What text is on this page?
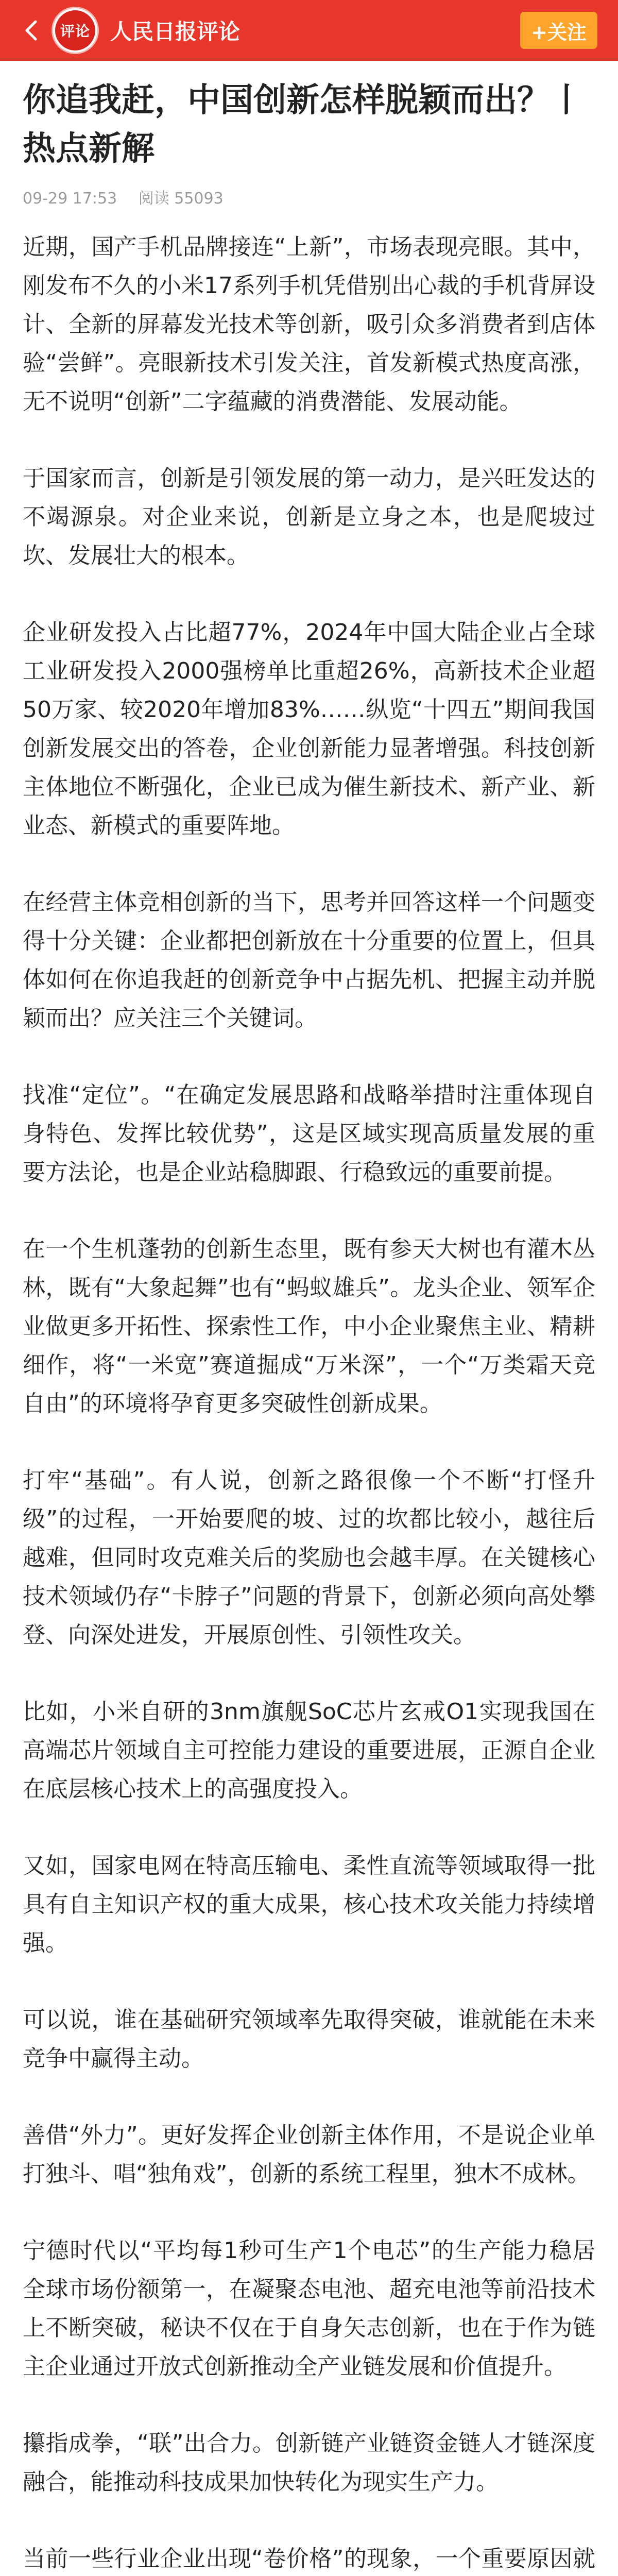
评论 人民日报评论	+关注
你追我赶，中国创新怎样脱颖而出？丨热点新解
09-29 17:53 阅读 55093

近期，国产手机品牌接连“上新”，市场表现亮眼。其中，刚发布不久的小米17系列手机凭借别出心裁的手机背屏设计、全新的屏幕发光技术等创新，吸引众多消费者到店体验“尝鲜”。亮眼新技术引发关注，首发新模式热度高涨，无不说明“创新”二字蕴藏的消费潜能、发展动能。

于国家而言，创新是引领发展的第一动力，是兴旺发达的不竭源泉。对企业来说，创新是立身之本，也是爬坡过坎、发展壮大的根本。

企业研发投入占比超77%，2024年中国大陆企业占全球工业研发投入2000强榜单比重超26%，高新技术企业超50万家、较2020年增加83%……纵览“十四五”期间我国创新发展交出的答卷，企业创新能力显著增强。科技创新主体地位不断强化，企业已成为催生新技术、新产业、新业态、新模式的重要阵地。

在经营主体竞相创新的当下，思考并回答这样一个问题变得十分关键：企业都把创新放在十分重要的位置上，但具体如何在你追我赶的创新竞争中占据先机、把握主动并脱颖而出？应关注三个关键词。

找准“定位”。“在确定发展思路和战略举措时注重体现自身特色、发挥比较优势”，这是区域实现高质量发展的重要方法论，也是企业站稳脚跟、行稳致远的重要前提。

在一个生机蓬勃的创新生态里，既有参天大树也有灌木丛林，既有“大象起舞”也有“蚂蚁雄兵”。龙头企业、领军企业做更多开拓性、探索性工作，中小企业聚焦主业、精耕细作，将“一米宽”赛道掘成“万米深”，一个“万类霜天竞自由”的环境将孕育更多突破性创新成果。

打牢“基础”。有人说，创新之路很像一个不断“打怪升级”的过程，一开始要爬的坡、过的坎都比较小，越往后越难，但同时攻克难关后的奖励也会越丰厚。在关键核心技术领域仍存“卡脖子”问题的背景下，创新必须向高处攀登、向深处进发，开展原创性、引领性攻关。

比如，小米自研的3nm旗舰SoC芯片玄戒O1实现我国在高端芯片领域自主可控能力建设的重要进展，正源自企业在底层核心技术上的高强度投入。

又如，国家电网在特高压输电、柔性直流等领域取得一批具有自主知识产权的重大成果，核心技术攻关能力持续增强。

可以说，谁在基础研究领域率先取得突破，谁就能在未来竞争中赢得主动。

善借“外力”。更好发挥企业创新主体作用，不是说企业单打独斗、唱“独角戏”，创新的系统工程里，独木不成林。

宁德时代以“平均每1秒可生产1个电芯”的生产能力稳居全球市场份额第一，在凝聚态电池、超充电池等前沿技术上不断突破，秘诀不仅在于自身矢志创新，也在于作为链主企业通过开放式创新推动全产业链发展和价值提升。

攥指成拳，“联”出合力。创新链产业链资金链人才链深度融合，能推动科技成果加快转化为现实生产力。

当前一些行业企业出现“卷价格”的现象，一个重要原因就
